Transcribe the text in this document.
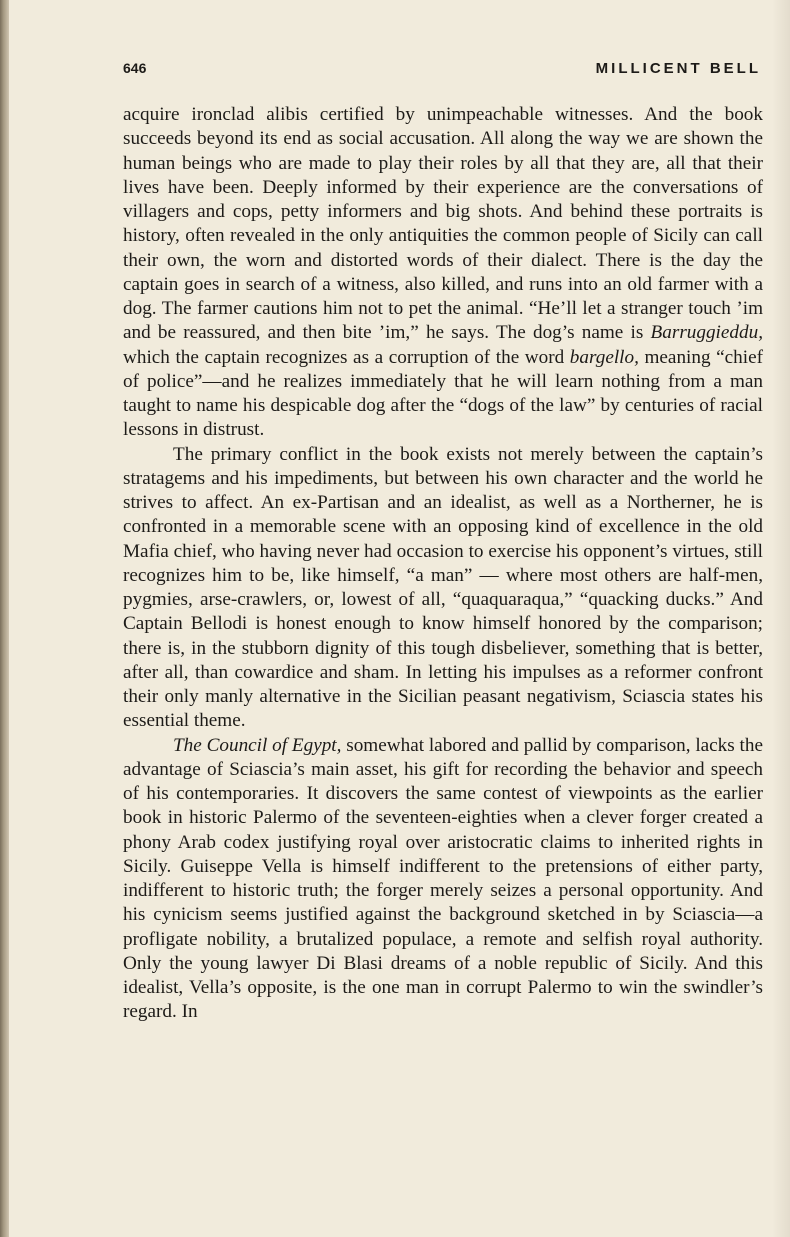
646	MILLICENT BELL

acquire ironclad alibis certified by unimpeachable witnesses. And the book succeeds beyond its end as social accusation. All along the way we are shown the human beings who are made to play their roles by all that they are, all that their lives have been. Deeply informed by their experience are the conversations of villagers and cops, petty informers and big shots. And behind these portraits is history, often revealed in the only antiquities the common people of Sicily can call their own, the worn and distorted words of their dialect. There is the day the captain goes in search of a witness, also killed, and runs into an old farmer with a dog. The farmer cautions him not to pet the animal. “He’ll let a stranger touch ’im and be reassured, and then bite ’im,” he says. The dog’s name is Barruggieddu, which the captain recognizes as a corruption of the word bargello, meaning “chief of police”—and he realizes immediately that he will learn nothing from a man taught to name his despicable dog after the “dogs of the law” by centuries of racial lessons in distrust.

The primary conflict in the book exists not merely between the captain’s stratagems and his impediments, but between his own character and the world he strives to affect. An ex-Partisan and an idealist, as well as a Northerner, he is confronted in a memorable scene with an opposing kind of excellence in the old Mafia chief, who having never had occasion to exercise his opponent’s virtues, still recognizes him to be, like himself, “a man” — where most others are half-men, pygmies, arse-crawlers, or, lowest of all, “quaquaraqua,” “quacking ducks.” And Captain Bellodi is honest enough to know himself honored by the comparison; there is, in the stubborn dignity of this tough disbeliever, something that is better, after all, than cowardice and sham. In letting his impulses as a reformer confront their only manly alternative in the Sicilian peasant negativism, Sciascia states his essential theme.

The Council of Egypt, somewhat labored and pallid by comparison, lacks the advantage of Sciascia’s main asset, his gift for recording the behavior and speech of his contemporaries. It discovers the same contest of viewpoints as the earlier book in historic Palermo of the seventeen-eighties when a clever forger created a phony Arab codex justifying royal over aristocratic claims to inherited rights in Sicily. Guiseppe Vella is himself indifferent to the pretensions of either party, indifferent to historic truth; the forger merely seizes a personal opportunity. And his cynicism seems justified against the background sketched in by Sciascia—a profligate nobility, a brutalized populace, a remote and selfish royal authority. Only the young lawyer Di Blasi dreams of a noble republic of Sicily. And this idealist, Vella’s opposite, is the one man in corrupt Palermo to win the swindler’s regard. In
